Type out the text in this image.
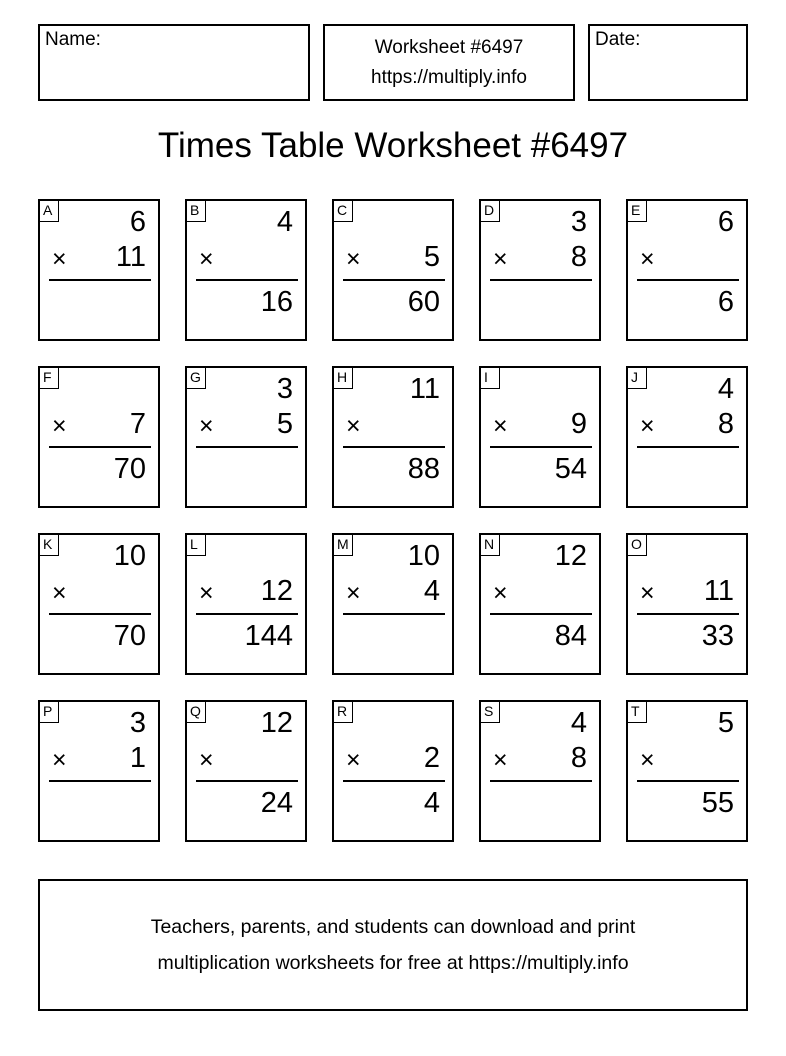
Name:	Worksheet #6497
https://multiply.info
Date:
Times Table Worksheet #6497
A	6
× 11
B	4
×
16
C
× 5
60
D	3
× 8
E	6
×
6
F
× 7
70
G	3
× 5
H 11
×
88
I
× 9
54
J	4
× 8
K 10
×
70
L
× 12
144
M 10
× 4
N 12
×
84
O
× 11
33
P	3
× 1
Q 12
×
24
R
× 2
4
S	4
× 8
T	5
×
55
Teachers, parents, and students can download and print
multiplication worksheets for free at https://multiply.info
